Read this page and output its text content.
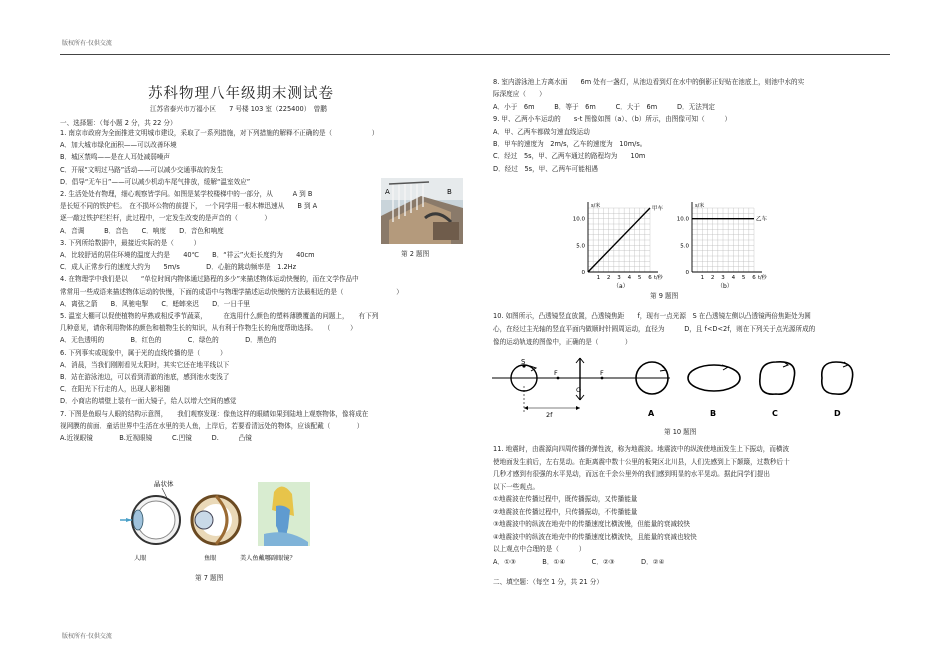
版权所有·仅供交流
版权所有·仅供交流
苏科物理八年级期末测试卷
江苏省泰兴市万福小区　　7 号楼 103 室（225400）　曾鹏
一、选择题：（每小题 2 分，共 22 分）
1. 南京市政府为全面推进文明城市建设，采取了一系列措施，对下列措施的解释不正确的是（　　　　　　）
A．加大城市绿化面积——可以改善环境
B．城区禁鸣——是在人耳处减弱噪声
C．开展“文明过马路”活动——可以减少交通事故的发生
D．倡导“无车日”——可以减少机动车尾气排放，缓解“温室效应”
2. 生活处处有物理，细心观察皆学问。如图是某学校楼梯中的一部分，从　　　A 到 B
是长短不同的铁护栏。　在不损坏公物的前提下，　一个同学用一根木棒迅速从　　B 到 A
逐一敲过铁护栏栏杆，此过程中，一定发生改变的是声音的（　　　　）
A．音调　　　B．音色　　C．响度　　D．音色和响度
3. 下列所给数据中，最接近实际的是（　　　）
A．比较舒适的居住环境的温度大约是　　40℃　　B．“祥云”火炬长度约为　　40cm
C．成人正常步行的速度大约为　　5m/s　　　　D．心脏的跳动频率是　1.2Hz
4. 在物理学中我们是以　　“单位时间内物体通过路程的多少”来描述物体运动快慢的，而在文学作品中
常常用一些成语来描述物体运动的快慢，下面的成语中与物理学描述运动快慢的方法最相近的是（　　　　　　　　）
A．离弦之箭　　B．风驰电掣　　C．蟋蟀来迟　　D．一日千里
5. 温室大棚可以促使植物的早熟或相反季节蔬菜，　　　在选用什么颜色的塑料薄膜覆盖的问题上，　　有下列
几种意见，请你利用物体的颜色和植物生长的知识，从有利于作物生长的角度帮助选择。　　（　　　）
A．无色透明的　　　　B．红色的　　　　C．绿色的　　　　D．黑色的
6. 下列事实或现象中，属于光的直线传播的是（　　　）
A．消晨，当我们刚刚看见太阳时，其实它还在地平线以下
B．站在游泳池边，可以看到清澈的池底，感到池水变浅了
C．在阳光下行走的人，出现人影相随
D．小商店的墙壁上装有一面大镜子，给人以增大空间的感觉
7. 下图是鱼眼与人眼的结构示意图，　　我们观察发现：像鱼这样的眼睛如果到陆地上观察物体，像将成在
视网膜的前面．童话世界中生活在水里的美人鱼，上岸后，若要看清远处的物体，应该配戴（　　　　）
A.近视眼镜　　　　B.近视眼镜　　　C.凹镜　　　D.　　　凸镜
A	B
第 2 题图
晶状体
人眼	鱼眼	美人鱼戴哪副眼镜？
第 7 题图
8. 室内游泳池上方离水面　　6m 处有一盏灯，从池边看到灯在水中的倒影正好贴在池底上，则池中水的实
际深度应（　　）
A．小于　6m　　　B．等于　6m　　　C．大于　6m　　　D．无法判定
9. 甲、乙两小车运动的　　s-t 图像如图（a）、（b）所示，由图像可知（　　　）
A．甲、乙两车都做匀速直线运动
B．甲车的速度为　2m/s，乙车的速度为　10m/s。
C．经过　5s，甲、乙两车通过的路程均为　　10m
D．经过　5s，甲、乙两车可能相遇
10.0
5.0
0
1 2 3 4 5 6
s/米
t/秒
甲车
（a）
10.0
5.0
0
1 2 3 4 5 6
s/米
t/秒
乙车
（b）
第 9 题图
10. 如图所示，凸透镜竖直放置，凸透镜焦距　　f，现有一点光源　S 在凸透镜左侧以凸透镜两倍焦距处为圆
心，在经过主光轴的竖直平面内做顺时针圆周运动，直径为　　　D，且 f<D<2f，则在下列关于点光源所成的
像的运动轨迹的图像中，正确的是（　　　　）
S
F	F
O
2f	A	B	C	D
第 10 题图
11. 地震时，由震源向四周传播的弹性波，称为地震波。地震波中的纵波使地面发生上下振动，而横波
使地面发生前后，左右晃动。在距离震中数十公里的板凳区北川县，人们先感到上下颠簸，过数秒后十
几秒才感到有很强的水平晃动，而远在千余公里外的我们感到明显的水平晃动。据此同学们提出
以下一些观点。
①地震波在传播过程中，既传播振动，又传播能量
②地震波在传播过程中，只传播振动，不传播能量
③地震波中的纵波在地壳中的传播速度比横波慢，但能量的衰减较快
④地震波中的纵波在地壳中的传播速度比横波快，且能量的衰减也较快
以上观点中合理的是（　　　）
A．①③　　　　B．①④　　　　C．②③　　　　D．②④
二、填空题：（每空 1 分，共 21 分）
